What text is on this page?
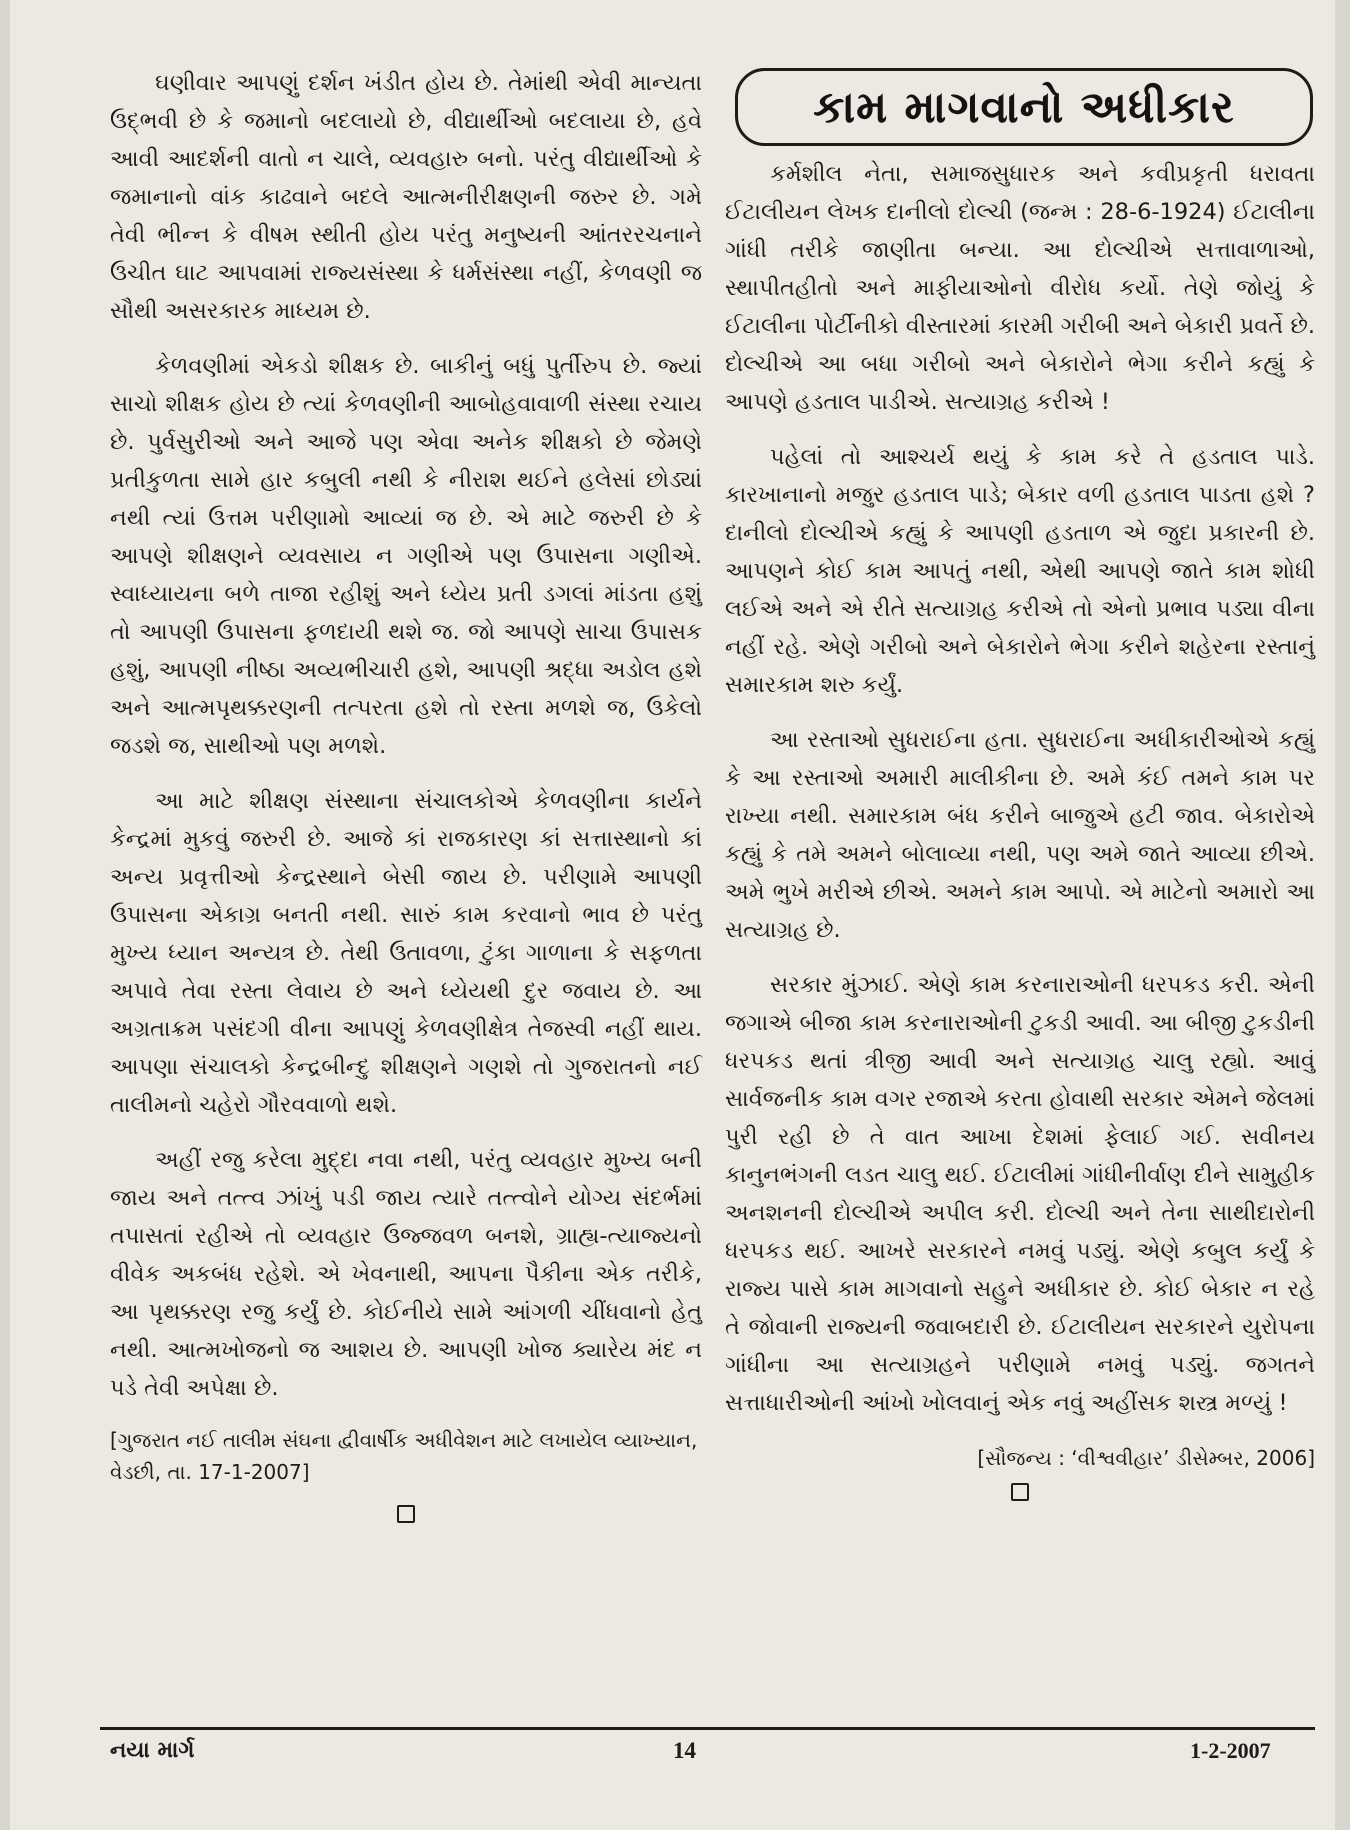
ઘણીવાર આપણું દર્શન ખંડીત હોય છે. તેમાંથી એવી માન્યતા ઉદ્‌ભવી છે કે જમાનો બદલાયો છે, વીદ્યાર્થીઓ બદલાયા છે, હવે આવી આદર્શની વાતો ન ચાલે, વ્યવહારુ બનો. પરંતુ વીદ્યાર્થીઓ કે જમાનાનો વાંક કાઢવાને બદલે આત્મનીરીક્ષણની જરુર છે. ગમે તેવી ભીન્ન કે વીષમ સ્થીતી હોય પરંતુ મનુષ્યની આંતરરચનાને ઉચીત ઘાટ આપવામાં રાજ્યસંસ્થા કે ધર્મસંસ્થા નહીં, કેળવણી જ સૌથી અસરકારક માધ્યમ છે.

કેળવણીમાં એકડો શીક્ષક છે. બાકીનું બધું પુર્તીરુપ છે. જ્યાં સાચો શીક્ષક હોય છે ત્યાં કેળવણીની આબોહવાવાળી સંસ્થા રચાય છે. પુર્વસુરીઓ અને આજે પણ એવા અનેક શીક્ષકો છે જેમણે પ્રતીકુળતા સામે હાર કબુલી નથી કે નીરાશ થઈને હલેસાં છોડ્યાં નથી ત્યાં ઉત્તમ પરીણામો આવ્યાં જ છે. એ માટે જરુરી છે કે આપણે શીક્ષણને વ્યવસાય ન ગણીએ પણ ઉપાસના ગણીએ. સ્વાધ્યાયના બળે તાજા રહીશું અને ધ્યેય પ્રતી ડગલાં માંડતા હશું તો આપણી ઉપાસના ફળદાયી થશે જ. જો આપણે સાચા ઉપાસક હશું, આપણી નીષ્ઠા અવ્યભીચારી હશે, આપણી શ્રદ્ધા અડોલ હશે અને આત્મપૃથક્કરણની તત્પરતા હશે તો રસ્તા મળશે જ, ઉકેલો જડશે જ, સાથીઓ પણ મળશે.

આ માટે શીક્ષણ સંસ્થાના સંચાલકોએ કેળવણીના કાર્યને કેન્દ્રમાં મુકવું જરુરી છે. આજે કાં રાજકારણ કાં સત્તાસ્થાનો કાં અન્ય પ્રવૃત્તીઓ કેન્દ્રસ્થાને બેસી જાય છે. પરીણામે આપણી ઉપાસના એકાગ્ર બનતી નથી. સારું કામ કરવાનો ભાવ છે પરંતુ મુખ્ય ધ્યાન અન્યત્ર છે. તેથી ઉતાવળા, ટુંકા ગાળાના કે સફળતા અપાવે તેવા રસ્તા લેવાય છે અને ધ્યેયથી દુર જવાય છે. આ અગ્રતાક્રમ પસંદગી વીના આપણું કેળવણીક્ષેત્ર તેજસ્વી નહીં થાય. આપણા સંચાલકો કેન્દ્રબીન્દુ શીક્ષણને ગણશે તો ગુજરાતનો નઈ તાલીમનો ચહેરો ગૌરવવાળો થશે.

અહીં રજુ કરેલા મુદ્દા નવા નથી, પરંતુ વ્યવહાર મુખ્ય બની જાય અને તત્ત્વ ઝાંખું પડી જાય ત્યારે તત્ત્વોને યોગ્ય સંદર્ભમાં તપાસતાં રહીએ તો વ્યવહાર ઉજ્જવળ બનશે, ગ્રાહ્ય-ત્યાજ્યનો વીવેક અકબંધ રહેશે. એ ખેવનાથી, આપના પૈકીના એક તરીકે, આ પૃથક્કરણ રજુ કર્યું છે. કોઈનીયે સામે આંગળી ચીંધવાનો હેતુ નથી. આત્મખોજનો જ આશય છે. આપણી ખોજ ક્યારેય મંદ ન પડે તેવી અપેક્ષા છે.

[ગુજરાત નઈ તાલીમ સંઘના દ્વીવાર્ષીક અધીવેશન માટે લખાયેલ વ્યાખ્યાન, વેડછી, તા. 17-1-2007]

કામ માગવાનો અધીકાર

કર્મશીલ નેતા, સમાજસુધારક અને કવીપ્રકૃતી ધરાવતા ઈટાલીયન લેખક દાનીલો દોલ્ચી (જન્મ : 28-6-1924) ઈટાલીના ગાંધી તરીકે જાણીતા બન્યા. આ દોલ્ચીએ સત્તાવાળાઓ, સ્થાપીતહીતો અને માફીયાઓનો વીરોધ કર્યો. તેણે જોયું કે ઈટાલીના પોર્ટીનીકો વીસ્તારમાં કારમી ગરીબી અને બેકારી પ્રવર્તે છે. દોલ્ચીએ આ બધા ગરીબો અને બેકારોને ભેગા કરીને કહ્યું કે આપણે હડતાલ પાડીએ. સત્યાગ્રહ કરીએ !

પહેલાં તો આશ્ચર્ય થયું કે કામ કરે તે હડતાલ પાડે. કારખાનાનો મજુર હડતાલ પાડે; બેકાર વળી હડતાલ પાડતા હશે ? દાનીલો દોલ્ચીએ કહ્યું કે આપણી હડતાળ એ જુદા પ્રકારની છે. આપણને કોઈ કામ આપતું નથી, એથી આપણે જાતે કામ શોધી લઈએ અને એ રીતે સત્યાગ્રહ કરીએ તો એનો પ્રભાવ પડ્યા વીના નહીં રહે. એણે ગરીબો અને બેકારોને ભેગા કરીને શહેરના રસ્તાનું સમારકામ શરુ કર્યું.

આ રસ્તાઓ સુધરાઈના હતા. સુધરાઈના અધીકારીઓએ કહ્યું કે આ રસ્તાઓ અમારી માલીકીના છે. અમે કંઈ તમને કામ પર રાખ્યા નથી. સમારકામ બંધ કરીને બાજુએ હટી જાવ. બેકારોએ કહ્યું કે તમે અમને બોલાવ્યા નથી, પણ અમે જાતે આવ્યા છીએ. અમે ભુખે મરીએ છીએ. અમને કામ આપો. એ માટેનો અમારો આ સત્યાગ્રહ છે.

સરકાર મુંઝાઈ. એણે કામ કરનારાઓની ધરપકડ કરી. એની જગાએ બીજા કામ કરનારાઓની ટુકડી આવી. આ બીજી ટુકડીની ધરપકડ થતાં ત્રીજી આવી અને સત્યાગ્રહ ચાલુ રહ્યો. આવું સાર્વજનીક કામ વગર રજાએ કરતા હોવાથી સરકાર એમને જેલમાં પુરી રહી છે તે વાત આખા દેશમાં ફેલાઈ ગઈ. સવીનય કાનુનભંગની લડત ચાલુ થઈ. ઈટાલીમાં ગાંધીનીર્વાણ દીને સામુહીક અનશનની દોલ્ચીએ અપીલ કરી. દોલ્ચી અને તેના સાથીદારોની ધરપકડ થઈ. આખરે સરકારને નમવું પડ્યું. એણે કબુલ કર્યું કે રાજ્ય પાસે કામ માગવાનો સહુને અધીકાર છે. કોઈ બેકાર ન રહે તે જોવાની રાજ્યની જવાબદારી છે. ઈટાલીયન સરકારને યુરોપના ગાંધીના આ સત્યાગ્રહને પરીણામે નમવું પડ્યું. જગતને સત્તાધારીઓની આંખો ખોલવાનું એક નવું અહીંસક શસ્ત્ર મળ્યું !

[સૌજન્ય : ‘વીશ્વવીહાર’ ડીસેમ્બર, 2006]

નયા માર્ગ	14	1-2-2007
